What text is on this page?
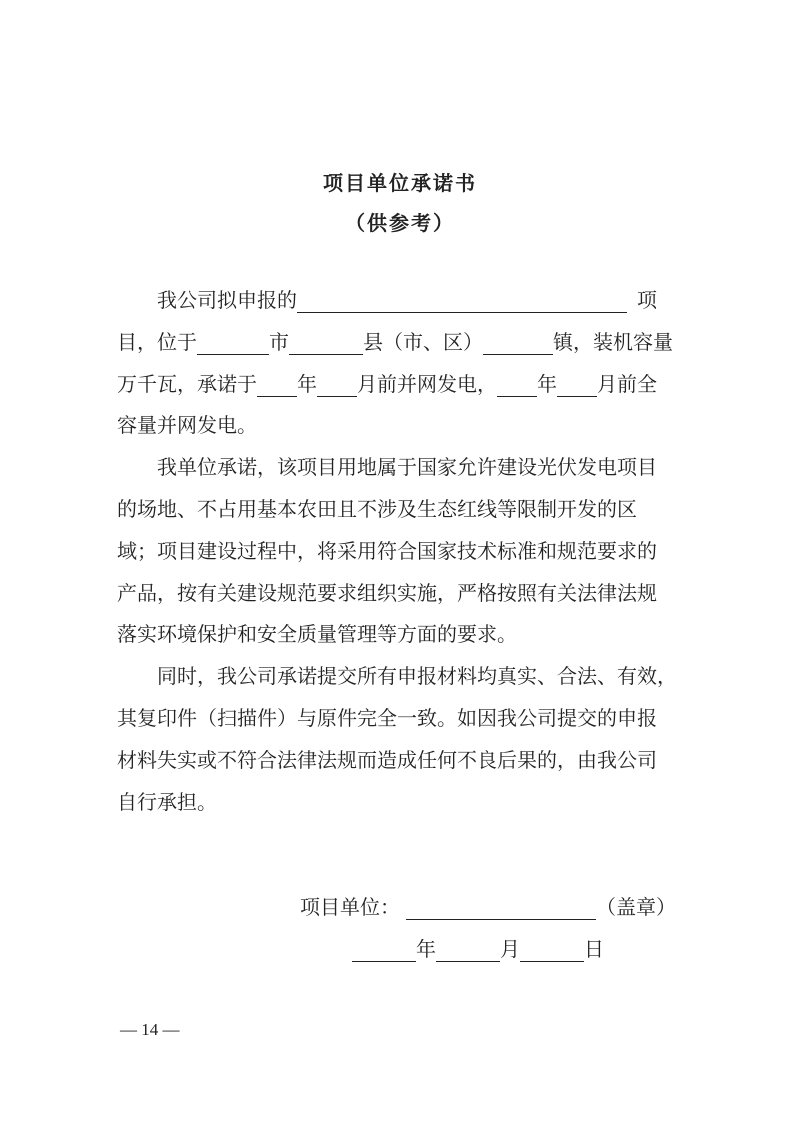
项目单位承诺书
（供参考）
我公司拟申报的	项
目，位于	市	县（市、区）	镇，装机容量
万千瓦，承诺于 年 月前并网发电， 年 月前全
容量并网发电。
我单位承诺，该项目用地属于国家允许建设光伏发电项目
的场地、不占用基本农田且不涉及生态红线等限制开发的区
域；项目建设过程中，将采用符合国家技术标准和规范要求的
产品，按有关建设规范要求组织实施，严格按照有关法律法规
落实环境保护和安全质量管理等方面的要求。
同时，我公司承诺提交所有申报材料均真实、合法、有效，
其复印件（扫描件）与原件完全一致。如因我公司提交的申报
材料失实或不符合法律法规而造成任何不良后果的，由我公司
自行承担。
项目单位：	（盖章）
年	月	日
— 14 —
